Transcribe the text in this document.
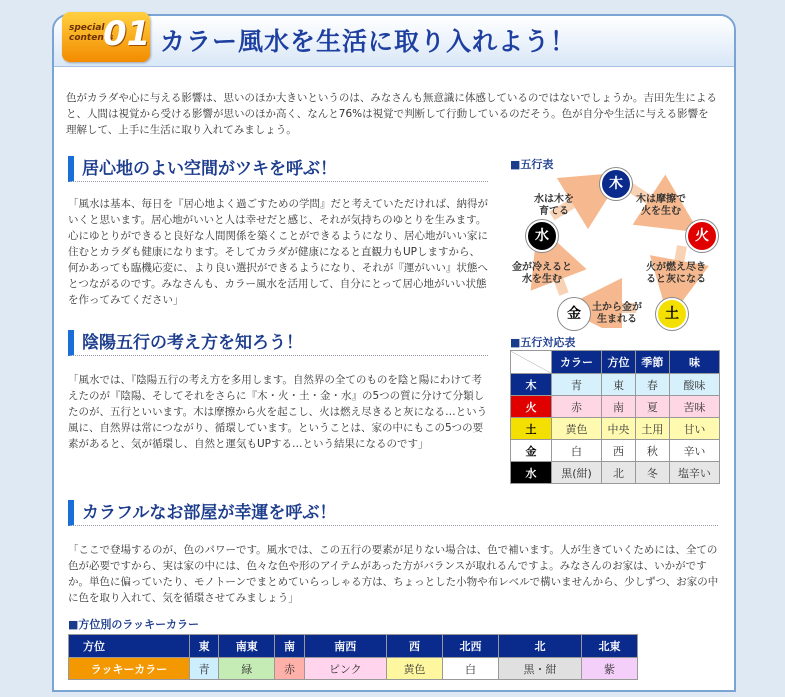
special
contents
01 カラー風水を生活に取り入れよう！

色がカラダや心に与える影響は、思いのほか大きいというのは、みなさんも無意識に体感しているのではないでしょうか。吉田先生によると、人間は視覚から受ける影響が思いのほか高く、なんと76%は視覚で判断して行動しているのだそう。色が自分や生活に与える影響を理解して、上手に生活に取り入れてみましょう。

居心地のよい空間がツキを呼ぶ！

「風水は基本、毎日を『居心地よく過ごすための学問』だと考えていただければ、納得がいくと思います。居心地がいいと人は幸せだと感じ、それが気持ちのゆとりを生みます。心にゆとりができると良好な人間関係を築くことができるようになり、居心地がいい家に住むとカラダも健康になります。そしてカラダが健康になると直観力もUPしますから、何かあっても臨機応変に、より良い選択ができるようになり、それが『運がいい』状態へとつながるのです。みなさんも、カラー風水を活用して、自分にとって居心地がいい状態を作ってみてください」

陰陽五行の考え方を知ろう！

「風水では、『陰陽五行の考え方を多用します。自然界の全てのものを陰と陽にわけて考えたのが『陰陽、そしてそれをさらに『木・火・土・金・水』の5つの質に分けて分類したのが、五行といいます。木は摩擦から火を起こし、火は燃え尽きると灰になる…という風に、自然界は常につながり、循環しています。ということは、家の中にもこの5つの要素があると、気が循環し、自然と運気もUPする…という結果になるのです」

カラフルなお部屋が幸運を呼ぶ！

「ここで登場するのが、色のパワーです。風水では、この五行の要素が足りない場合は、色で補います。人が生きていくためには、全ての色が必要ですから、実は家の中には、色々な色や形のアイテムがあった方がバランスが取れるんですよ。みなさんのお家は、いかがですか。単色に偏っていたり、モノトーンでまとめていらっしゃる方は、ちょっとした小物や布レベルで構いませんから、少しずつ、お家の中に色を取り入れて、気を循環させてみましょう」

■五行表
木
火
土
金
水
木は摩擦で
火を生む
火が燃え尽き
ると灰になる
土から金が
生まれる
金が冷えると
水を生む
水は木を
育てる
■五行対応表
	カラー	方位	季節	味
木	青	東	春	酸味
火	赤	南	夏	苦味
土	黄色	中央	土用	甘い
金	白	西	秋	辛い
水	黒(紺)	北	冬	塩辛い
■方位別のラッキーカラー
方位	東	南東	南	南西	西	北西	北	北東
ラッキーカラー	青	緑	赤	ピンク	黄色	白	黒・紺	紫
